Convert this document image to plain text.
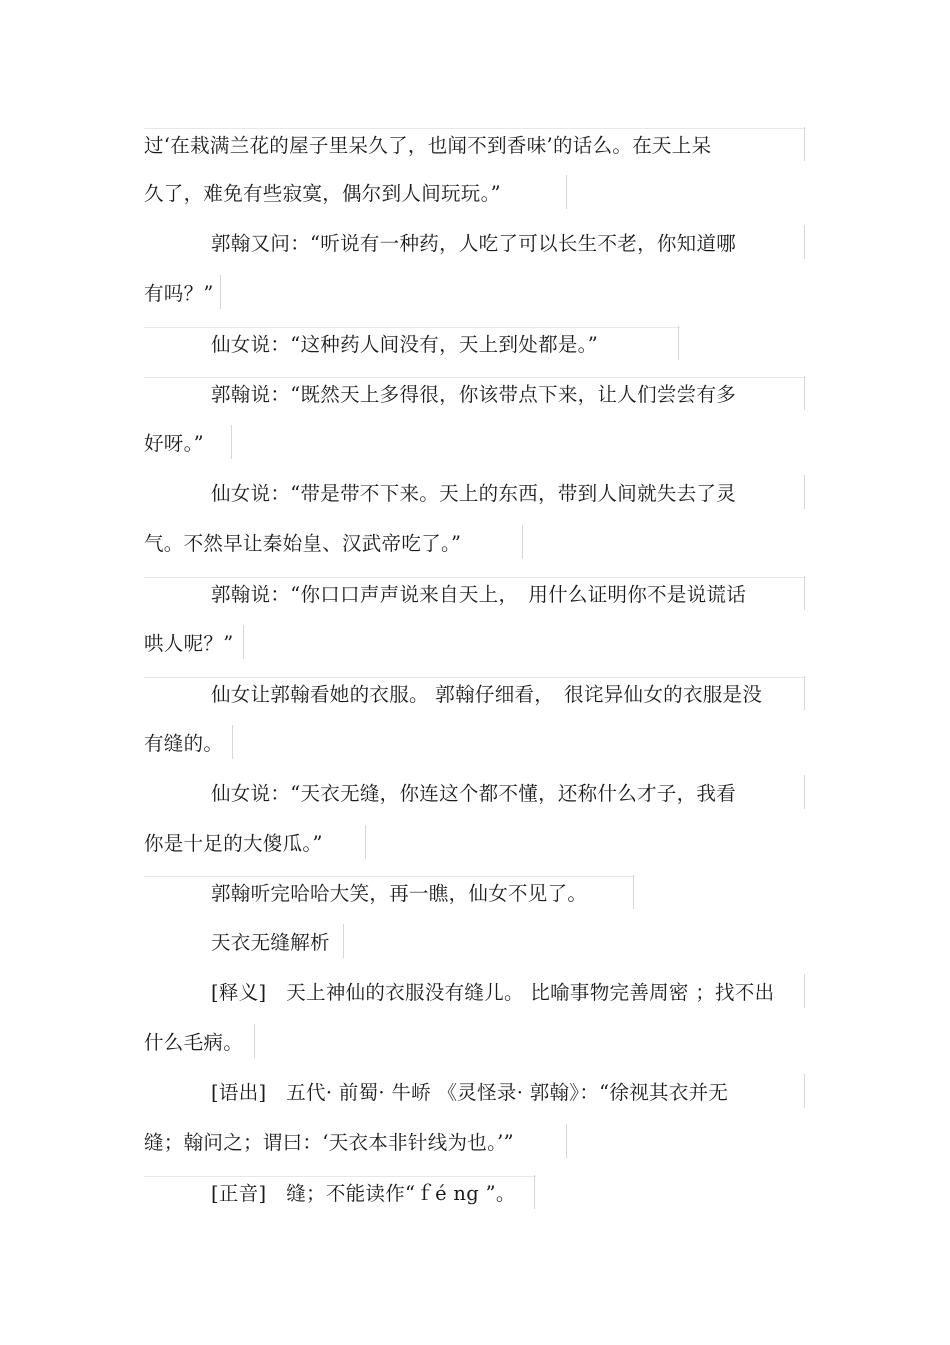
过‘在栽满兰花的屋子里呆久了，也闻不到香味’的话么。在天上呆
久了，难免有些寂寞，偶尔到人间玩玩。”
郭翰又问：“听说有一种药，人吃了可以长生不老，你知道哪
有吗？”
仙女说：“这种药人间没有，天上到处都是。”
郭翰说：“既然天上多得很，你该带点下来，让人们尝尝有多
好呀。”
仙女说：“带是带不下来。天上的东西，带到人间就失去了灵
气。不然早让秦始皇、汉武帝吃了。”
郭翰说：“你口口声声说来自天上，　用什么证明你不是说谎话
哄人呢？”
仙女让郭翰看她的衣服。 郭翰仔细看，　很诧异仙女的衣服是没
有缝的。
仙女说：“天衣无缝，你连这个都不懂，还称什么才子，我看
你是十足的大傻瓜。”
郭翰听完哈哈大笑，再一瞧，仙女不见了。
天衣无缝解析
[释义]　天上神仙的衣服没有缝儿。 比喻事物完善周密 ；找不出
什么毛病。
[语出]　五代· 前蜀· 牛峤 《灵怪录· 郭翰》：“徐视其衣并无
缝；翰问之；谓曰：‘天衣本非针线为也。’”
[正音]　缝；不能读作“ｆé ng ”。
